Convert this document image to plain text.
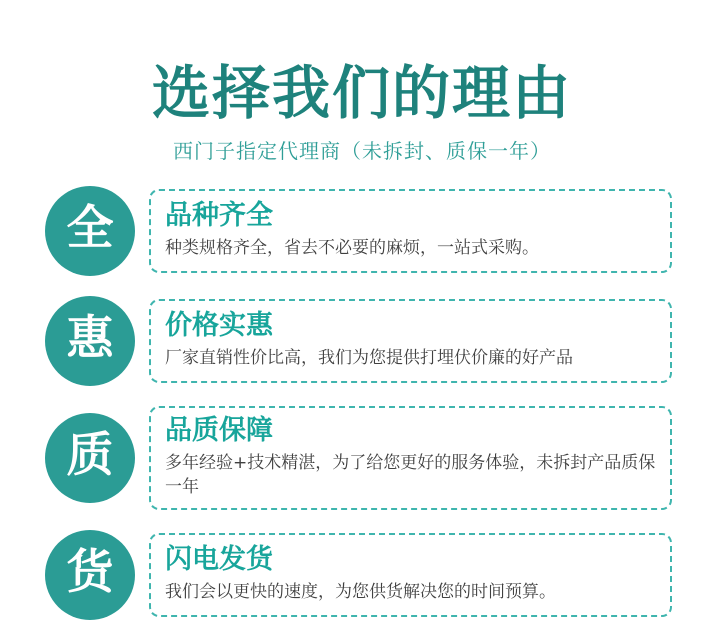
选择我们的理由
西门子指定代理商（未拆封、质保一年）
全 品种齐全

种类规格齐全，省去不必要的麻烦，一站式采购。

惠 价格实惠

厂家直销性价比高，我们为您提供打埋伏价廉的好产品

质 品质保障

多年经验+技术精湛，为了给您更好的服务体验，未拆封产品质保一年

货 闪电发货

我们会以更快的速度，为您供货解决您的时间预算。
